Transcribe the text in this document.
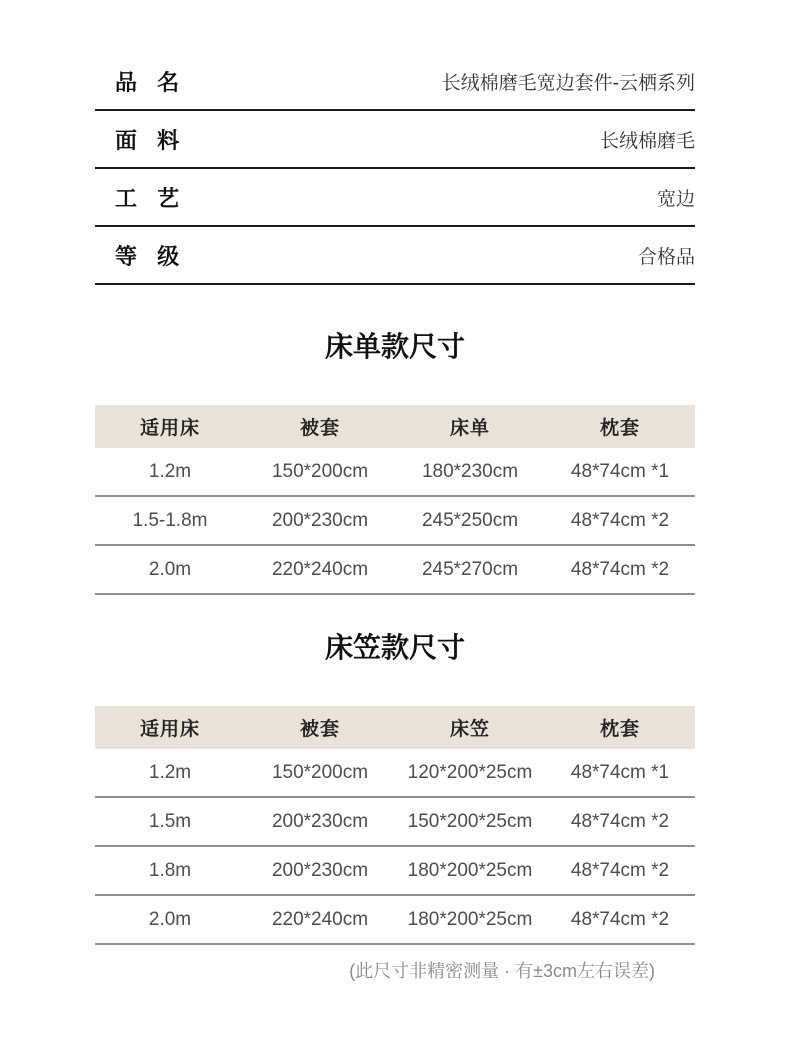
品 名	长绒棉磨毛宽边套件-云栖系列
面 料	长绒棉磨毛
工 艺	宽边
等 级	合格品
床单款尺寸
适用床	被套	床单	枕套
1.2m	150*200cm	180*230cm	48*74cm *1
1.5-1.8m	200*230cm	245*250cm	48*74cm *2
2.0m	220*240cm	245*270cm	48*74cm *2
床笠款尺寸
适用床	被套	床笠	枕套
1.2m	150*200cm	120*200*25cm	48*74cm *1
1.5m	200*230cm	150*200*25cm	48*74cm *2
1.8m	200*230cm	180*200*25cm	48*74cm *2
2.0m	220*240cm	180*200*25cm	48*74cm *2
(此尺寸非精密测量 · 有±3cm左右误差)
